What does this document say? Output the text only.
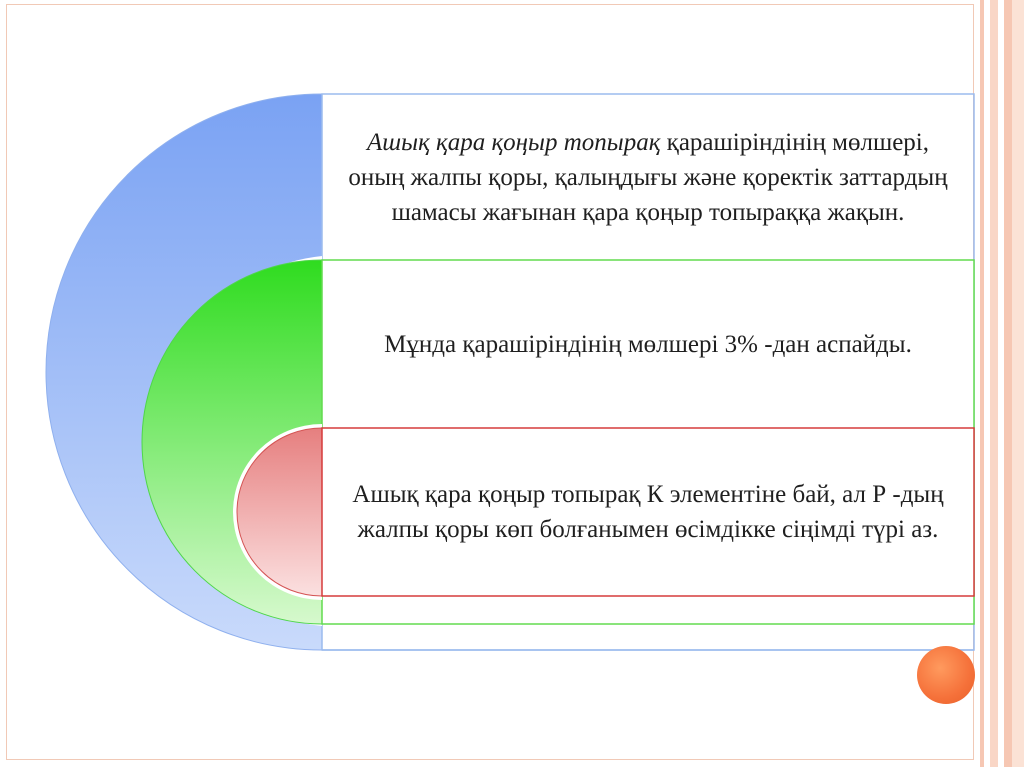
Ашық қара қоңыр топырақ қарашіріндінің мөлшері, оның жалпы қоры, қалыңдығы және қоректік заттардың шамасы жағынан қара қоңыр топыраққа жақын.
Мұнда қарашіріндінің мөлшері 3% -дан аспайды.
Ашық қара қоңыр топырақ К элементіне бай, ал Р -дың жалпы қоры көп болғанымен өсімдікке сіңімді түрі аз.
